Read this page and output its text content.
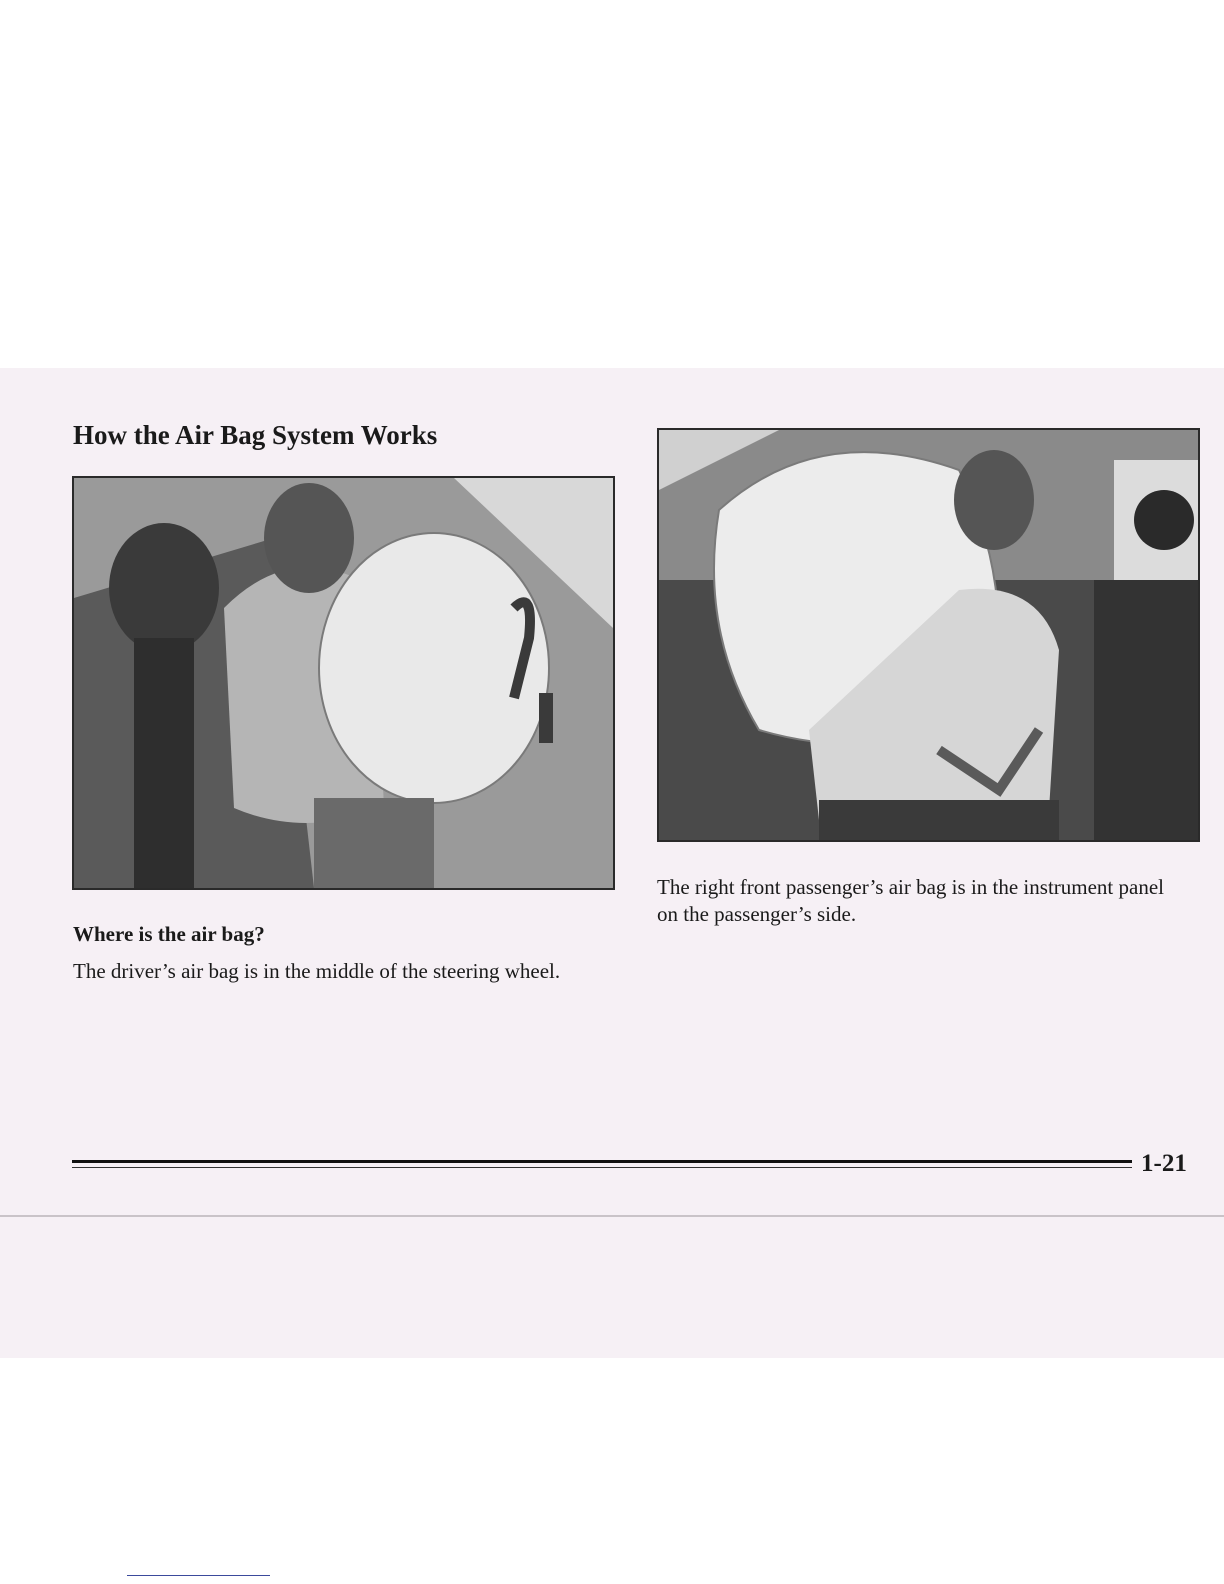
How the Air Bag System Works

The right front passenger’s air bag is in the instrument panel on the passenger’s side.

Where is the air bag?

The driver’s air bag is in the middle of the steering wheel.

1-21
